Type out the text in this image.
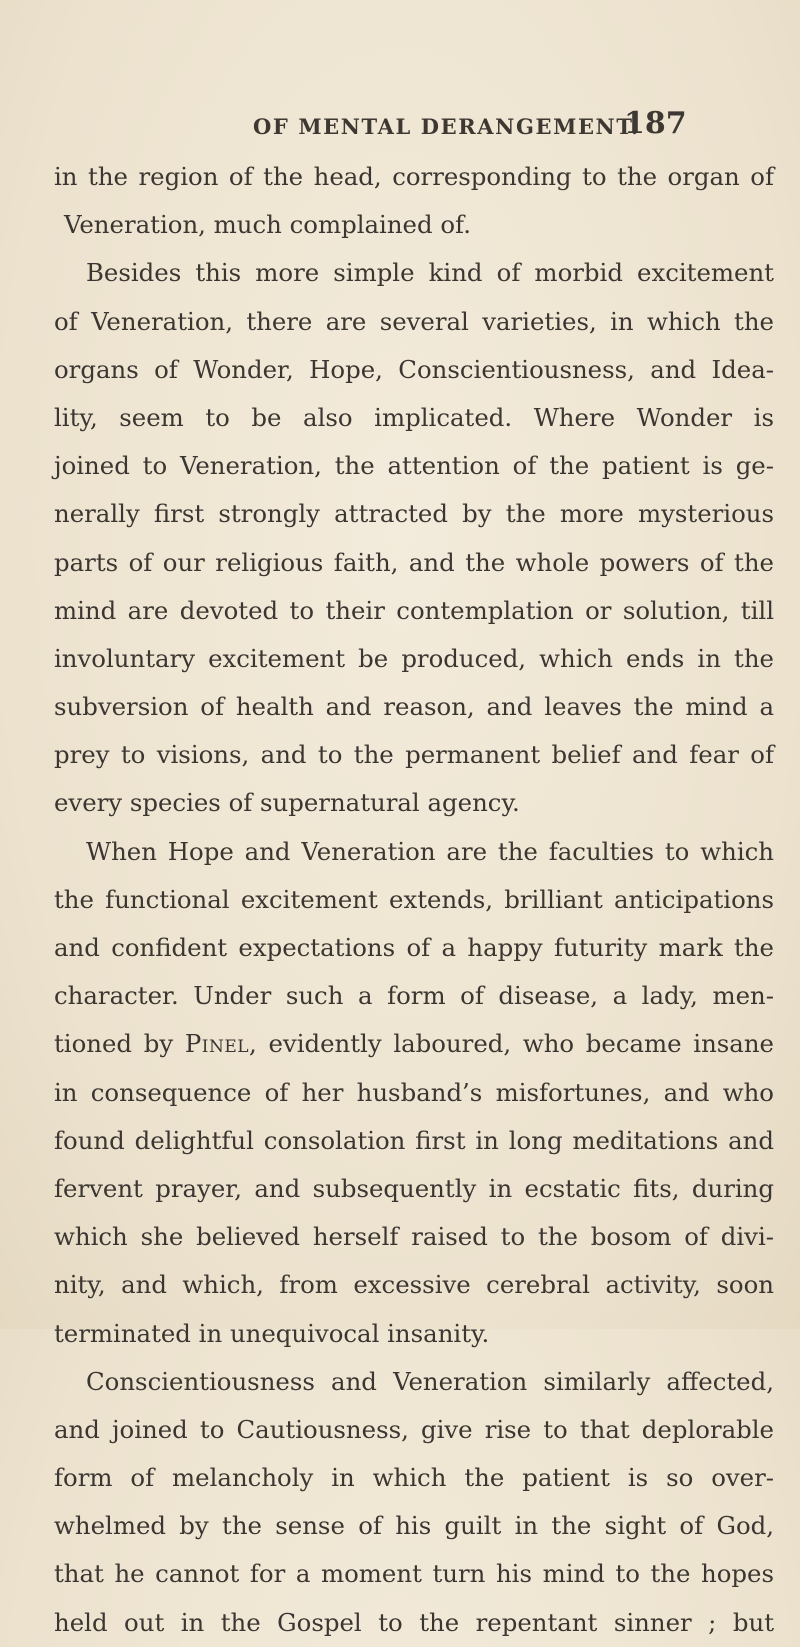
OF MENTAL DERANGEMENT.
187
in the region of the head, corresponding to the organ of
Veneration, much complained of.
Besides this more simple kind of morbid excitement
of Veneration, there are several varieties, in which the
organs of Wonder, Hope, Conscientiousness, and Idea-
lity, seem to be also implicated. Where Wonder is
joined to Veneration, the attention of the patient is ge-
nerally first strongly attracted by the more mysterious
parts of our religious faith, and the whole powers of the
mind are devoted to their contemplation or solution, till
involuntary excitement be produced, which ends in the
subversion of health and reason, and leaves the mind a
prey to visions, and to the permanent belief and fear of
every species of supernatural agency.
When Hope and Veneration are the faculties to which
the functional excitement extends, brilliant anticipations
and confident expectations of a happy futurity mark the
character. Under such a form of disease, a lady, men-
tioned by Pinel, evidently laboured, who became insane
in consequence of her husband’s misfortunes, and who
found delightful consolation first in long meditations and
fervent prayer, and subsequently in ecstatic fits, during
which she believed herself raised to the bosom of divi-
nity, and which, from excessive cerebral activity, soon
terminated in unequivocal insanity.
Conscientiousness and Veneration similarly affected,
and joined to Cautiousness, give rise to that deplorable
form of melancholy in which the patient is so over-
whelmed by the sense of his guilt in the sight of God,
that he cannot for a moment turn his mind to the hopes
held out in the Gospel to the repentant sinner ; but
